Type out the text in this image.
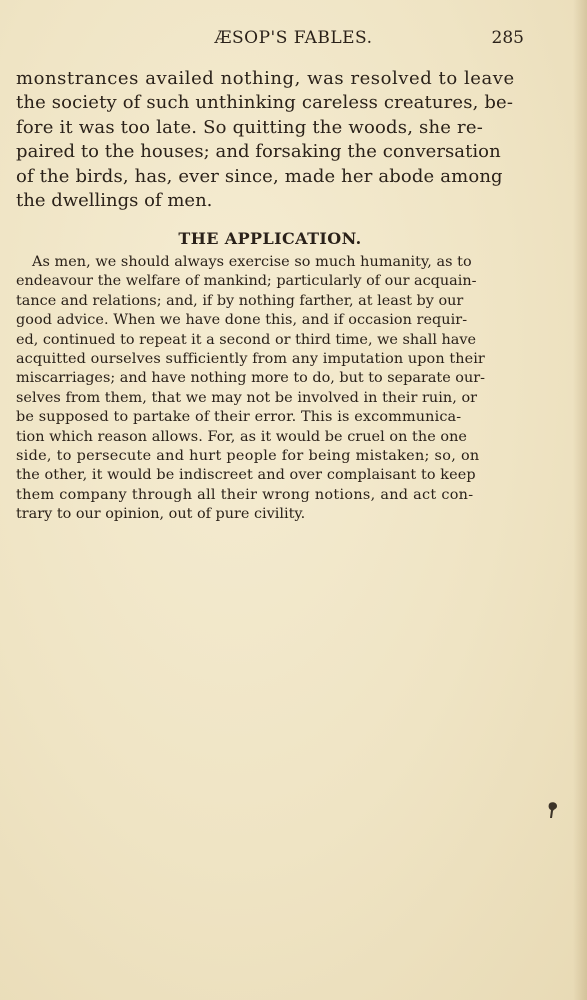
ÆSOP'S FABLES.	285

monstrances availed nothing, was resolved to leave
the society of such unthinking careless creatures, be-
fore it was too late. So quitting the woods, she re-
paired to the houses; and forsaking the conversation
of the birds, has, ever since, made her abode among
the dwellings of men.

THE APPLICATION.

As men, we should always exercise so much humanity, as to
endeavour the welfare of mankind; particularly of our acquain-
tance and relations; and, if by nothing farther, at least by our
good advice. When we have done this, and if occasion requir-
ed, continued to repeat it a second or third time, we shall have
acquitted ourselves sufficiently from any imputation upon their
miscarriages; and have nothing more to do, but to separate our-
selves from them, that we may not be involved in their ruin, or
be supposed to partake of their error. This is excommunica-
tion which reason allows. For, as it would be cruel on the one
side, to persecute and hurt people for being mistaken; so, on
the other, it would be indiscreet and over complaisant to keep
them company through all their wrong notions, and act con-
trary to our opinion, out of pure civility.
